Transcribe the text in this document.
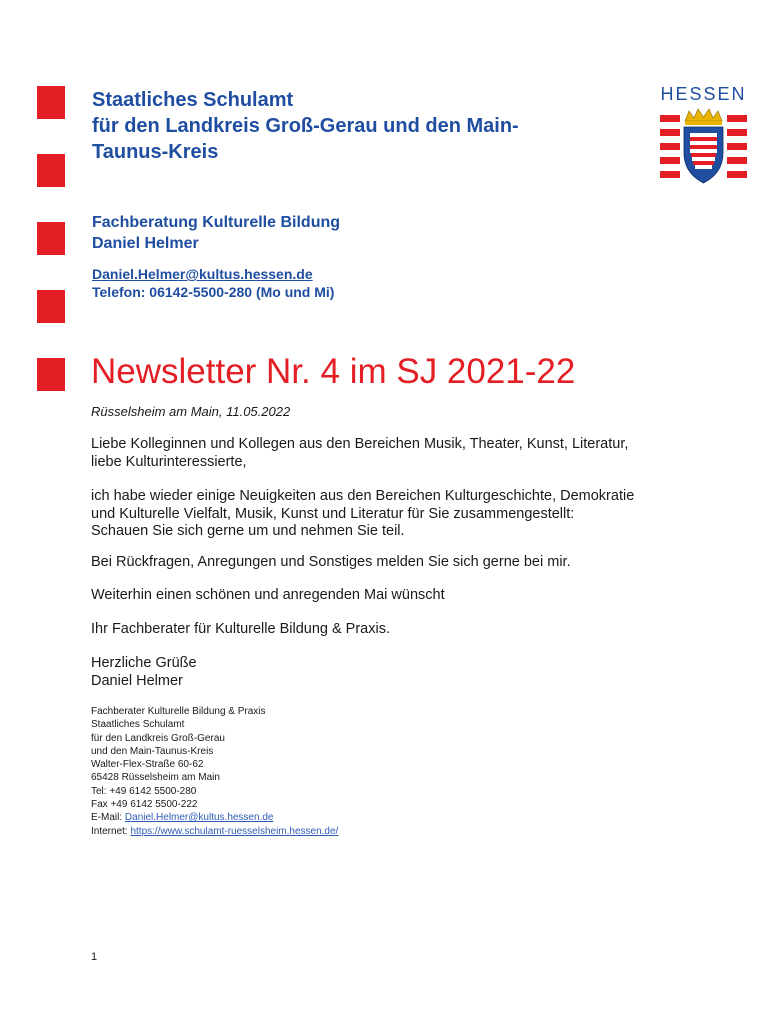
Staatliches Schulamt
für den Landkreis Groß-Gerau und den Main-
Taunus-Kreis
HESSEN
Fachberatung Kulturelle Bildung
Daniel Helmer
Daniel.Helmer@kultus.hessen.de
Telefon: 06142-5500-280 (Mo und Mi)
Newsletter Nr. 4 im SJ 2021-22
Rüsselsheim am Main, 11.05.2022
Liebe Kolleginnen und Kollegen aus den Bereichen Musik, Theater, Kunst, Literatur,
liebe Kulturinteressierte,
ich habe wieder einige Neuigkeiten aus den Bereichen Kulturgeschichte, Demokratie
und Kulturelle Vielfalt, Musik, Kunst und Literatur für Sie zusammengestellt:
Schauen Sie sich gerne um und nehmen Sie teil.
Bei Rückfragen, Anregungen und Sonstiges melden Sie sich gerne bei mir.
Weiterhin einen schönen und anregenden Mai wünscht
Ihr Fachberater für Kulturelle Bildung & Praxis.
Herzliche Grüße
Daniel Helmer
Fachberater Kulturelle Bildung & Praxis
Staatliches Schulamt
für den Landkreis Groß-Gerau
und den Main-Taunus-Kreis
Walter-Flex-Straße 60-62
65428 Rüsselsheim am Main
Tel: +49 6142 5500-280
Fax +49 6142 5500-222
E-Mail: Daniel.Helmer@kultus.hessen.de
Internet: https://www.schulamt-ruesselsheim.hessen.de/
1
